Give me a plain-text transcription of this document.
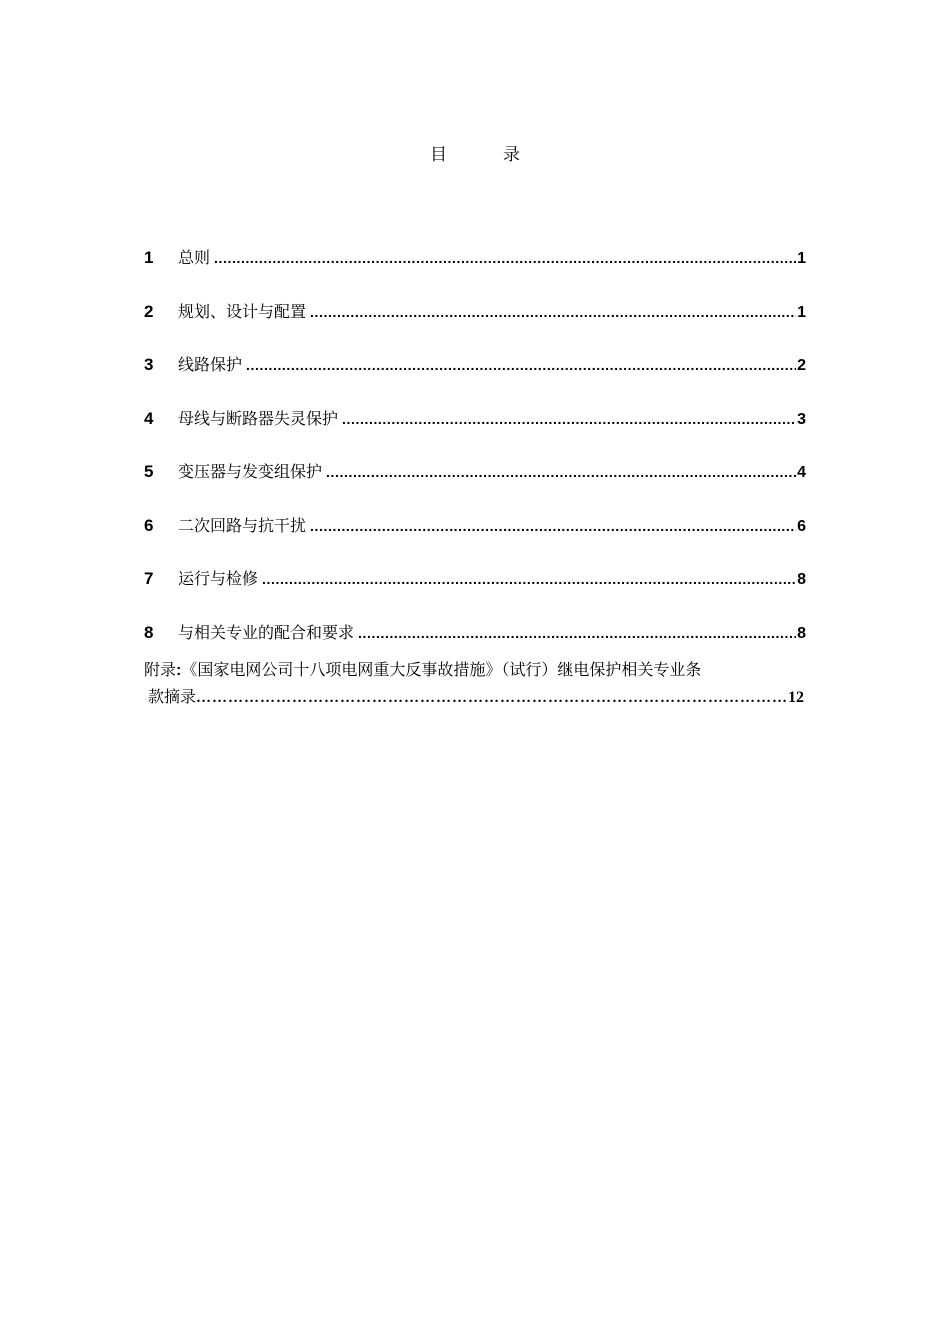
目录
1	总则 .....	1
2	规划、设计与配置 .....	1
3	线路保护 .....	2
4	母线与断路器失灵保护 .....	3
5	变压器与发变组保护 .....	4
6	二次回路与抗干扰 .....	6
7	运行与检修 .....	8
8	与相关专业的配合和要求 .....	8
附录:《国家电网公司十八项电网重大反事故措施》（试行）继电保护相关专业条
款摘录 ……………………………………………………………………………………………………………………………………	12
